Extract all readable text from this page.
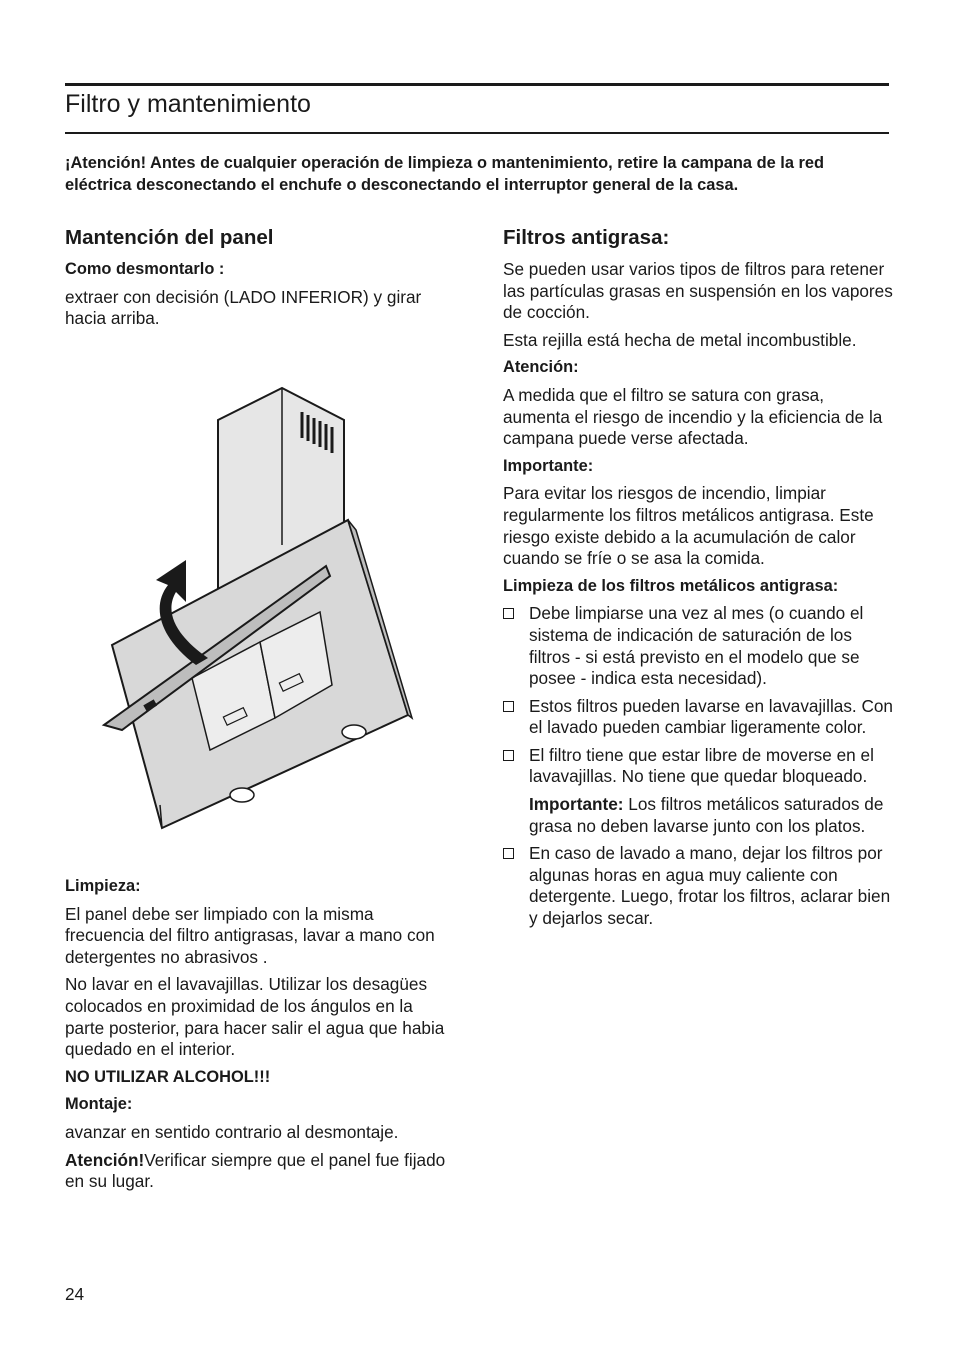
Filtro y mantenimiento

¡Atención! Antes de cualquier operación de limpieza o mantenimiento, retire la campana de la red eléctrica desconectando el enchufe o desconectando el interruptor general de la casa.

Mantención del panel
Como desmontarlo :

extraer con decisión (LADO INFERIOR) y girar hacia arriba.

Limpieza:

El panel debe ser limpiado con la misma frecuencia del filtro antigrasas, lavar a mano con detergentes no abrasivos .

No lavar en el lavavajillas. Utilizar los desagües colocados en proximidad de los ángulos en la parte posterior, para hacer salir el agua que habia quedado en el interior.

NO UTILIZAR ALCOHOL!!!
Montaje:

avanzar en sentido contrario al desmontaje.

Atención!Verificar siempre que el panel fue fijado en su lugar.

Filtros antigrasa:

Se pueden usar varios tipos de filtros para retener las partículas grasas en suspensión en los vapores de cocción.

Esta rejilla está hecha de metal incombustible.

Atención:

A medida que el filtro se satura con grasa, aumenta el riesgo de incendio y la eficiencia de la campana puede verse afectada.

Importante:

Para evitar los riesgos de incendio, limpiar regularmente los filtros metálicos antigrasa. Este riesgo existe debido a la acumulación de calor cuando se fríe o se asa la comida.

Limpieza de los filtros metálicos antigrasa:
Debe limpiarse una vez al mes (o cuando el sistema de indicación de saturación de los filtros - si está previsto en el modelo que se posee - indica esta necesidad).
Estos filtros pueden lavarse en lavavajillas. Con el lavado pueden cambiar ligeramente color.
El filtro tiene que estar libre de moverse en el lavavajillas. No tiene que quedar bloqueado.

Importante: Los filtros metálicos saturados de grasa no deben lavarse junto con los platos.

En caso de lavado a mano, dejar los filtros por algunas horas en agua muy caliente con detergente. Luego, frotar los filtros, aclarar bien y dejarlos secar.
24
